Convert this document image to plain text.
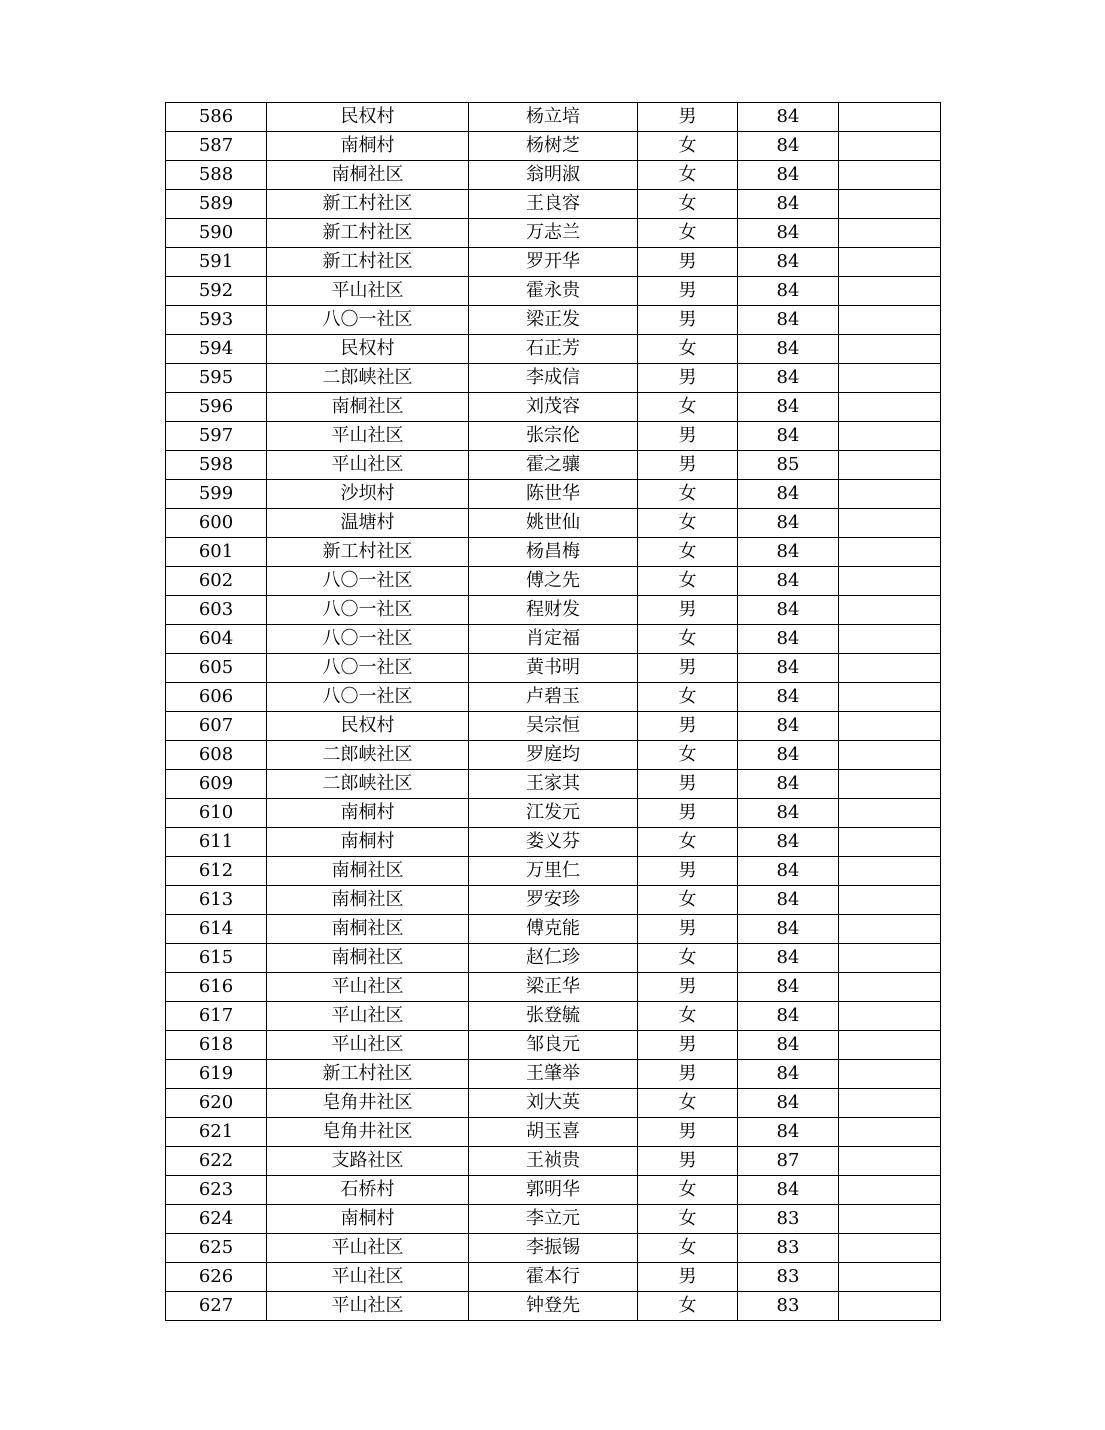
586	民权村	杨立培	男	84	
587	南桐村	杨树芝	女	84	
588	南桐社区	翁明淑	女	84	
589	新工村社区	王良容	女	84	
590	新工村社区	万志兰	女	84	
591	新工村社区	罗开华	男	84	
592	平山社区	霍永贵	男	84	
593	八〇一社区	梁正发	男	84	
594	民权村	石正芳	女	84	
595	二郎峡社区	李成信	男	84	
596	南桐社区	刘茂容	女	84	
597	平山社区	张宗伦	男	84	
598	平山社区	霍之骧	男	85	
599	沙坝村	陈世华	女	84	
600	温塘村	姚世仙	女	84	
601	新工村社区	杨昌梅	女	84	
602	八〇一社区	傅之先	女	84	
603	八〇一社区	程财发	男	84	
604	八〇一社区	肖定福	女	84	
605	八〇一社区	黄书明	男	84	
606	八〇一社区	卢碧玉	女	84	
607	民权村	吴宗恒	男	84	
608	二郎峡社区	罗庭均	女	84	
609	二郎峡社区	王家其	男	84	
610	南桐村	江发元	男	84	
611	南桐村	娄义芬	女	84	
612	南桐社区	万里仁	男	84	
613	南桐社区	罗安珍	女	84	
614	南桐社区	傅克能	男	84	
615	南桐社区	赵仁珍	女	84	
616	平山社区	梁正华	男	84	
617	平山社区	张登毓	女	84	
618	平山社区	邹良元	男	84	
619	新工村社区	王肇举	男	84	
620	皂角井社区	刘大英	女	84	
621	皂角井社区	胡玉喜	男	84	
622	支路社区	王祯贵	男	87	
623	石桥村	郭明华	女	84	
624	南桐村	李立元	女	83	
625	平山社区	李振锡	女	83	
626	平山社区	霍本行	男	83	
627	平山社区	钟登先	女	83	
